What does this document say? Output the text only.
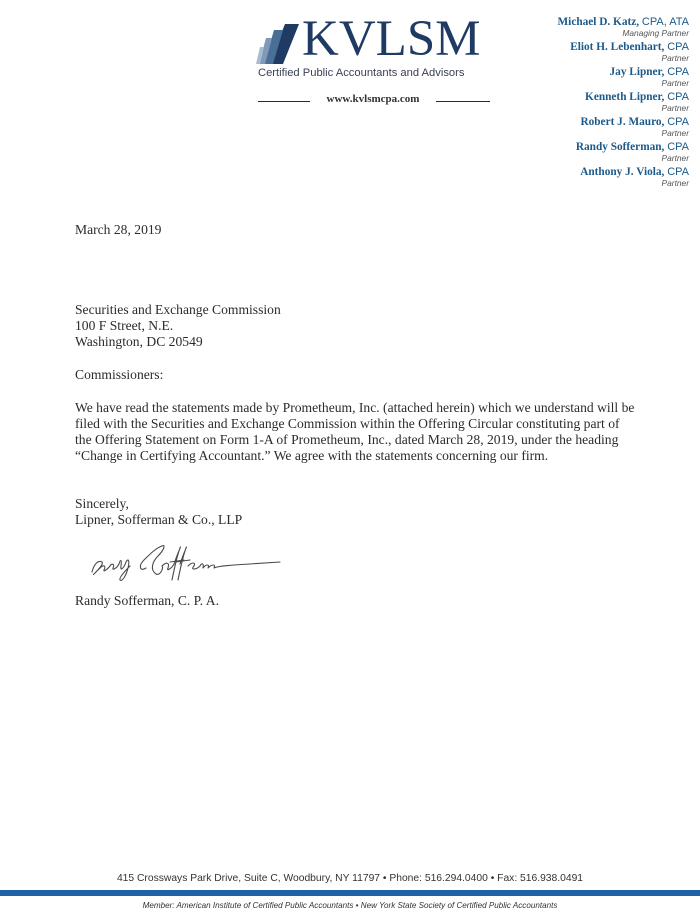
KVLSM
Certified Public Accountants and Advisors
www.kvlsmcpa.com
Michael D. Katz, CPA, ATA
Managing Partner
Eliot H. Lebenhart, CPA
Partner
Jay Lipner, CPA
Partner
Kenneth Lipner, CPA
Partner
Robert J. Mauro, CPA
Partner
Randy Sofferman, CPA
Partner
Anthony J. Viola, CPA
Partner
March 28, 2019
Securities and Exchange Commission
100 F Street, N.E.
Washington, DC 20549
Commissioners:
We have read the statements made by Prometheum, Inc. (attached herein) which we understand will be filed with the Securities and Exchange Commission within the Offering Circular constituting part of the Offering Statement on Form 1-A of Prometheum, Inc., dated March 28, 2019, under the heading “Change in Certifying Accountant.” We agree with the statements concerning our firm.
Sincerely,
Lipner, Sofferman & Co., LLP
Randy Sofferman, C. P. A.
415 Crossways Park Drive, Suite C, Woodbury, NY 11797 • Phone: 516.294.0400 • Fax: 516.938.0491
Member: American Institute of Certified Public Accountants • New York State Society of Certified Public Accountants
